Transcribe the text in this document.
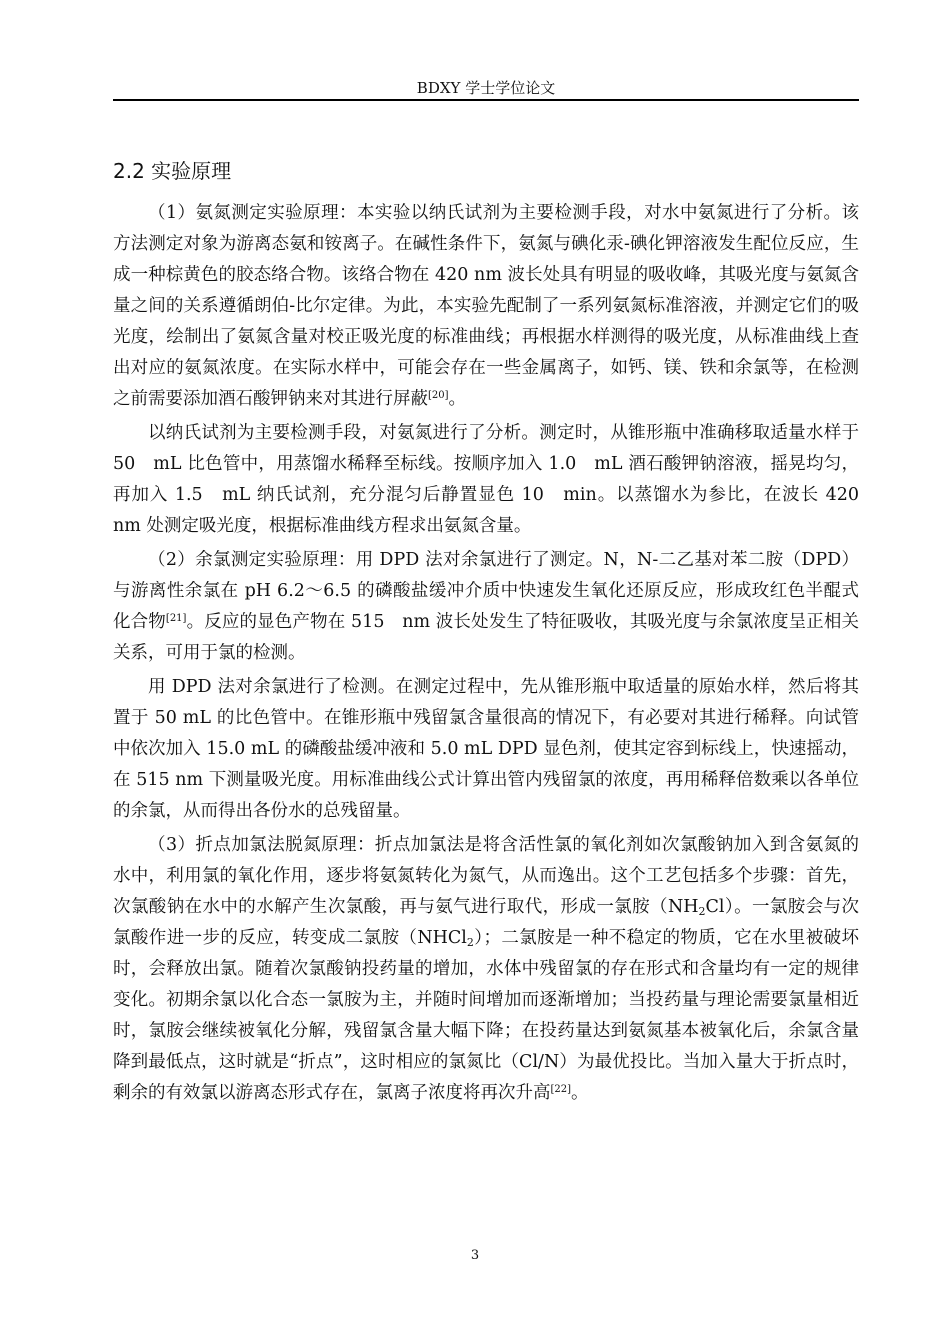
BDXY 学士学位论文
2.2 实验原理

（1）氨氮测定实验原理：本实验以纳氏试剂为主要检测手段，对水中氨氮进行了分析。该方法测定对象为游离态氨和铵离子。在碱性条件下，氨氮与碘化汞-碘化钾溶液发生配位反应，生成一种棕黄色的胶态络合物。该络合物在 420 nm 波长处具有明显的吸收峰，其吸光度与氨氮含量之间的关系遵循朗伯-比尔定律。为此，本实验先配制了一系列氨氮标准溶液，并测定它们的吸光度，绘制出了氨氮含量对校正吸光度的标准曲线；再根据水样测得的吸光度，从标准曲线上查出对应的氨氮浓度。在实际水样中，可能会存在一些金属离子，如钙、镁、铁和余氯等，在检测之前需要添加酒石酸钾钠来对其进行屏蔽[20]。

以纳氏试剂为主要检测手段，对氨氮进行了分析。测定时，从锥形瓶中准确移取适量水样于 50　mL 比色管中，用蒸馏水稀释至标线。按顺序加入 1.0　mL 酒石酸钾钠溶液，摇晃均匀，再加入 1.5　mL 纳氏试剂，充分混匀后静置显色 10　min。以蒸馏水为参比，在波长 420　nm 处测定吸光度，根据标准曲线方程求出氨氮含量。

（2）余氯测定实验原理：用 DPD 法对余氯进行了测定。N，N-二乙基对苯二胺（DPD）与游离性余氯在 pH 6.2～6.5 的磷酸盐缓冲介质中快速发生氧化还原反应，形成玫红色半醌式化合物[21]。反应的显色产物在 515　nm 波长处发生了特征吸收，其吸光度与余氯浓度呈正相关关系，可用于氯的检测。

用 DPD 法对余氯进行了检测。在测定过程中，先从锥形瓶中取适量的原始水样，然后将其置于 50 mL 的比色管中。在锥形瓶中残留氯含量很高的情况下，有必要对其进行稀释。向试管中依次加入 15.0 mL 的磷酸盐缓冲液和 5.0 mL DPD 显色剂，使其定容到标线上，快速摇动，在 515 nm 下测量吸光度。用标准曲线公式计算出管内残留氯的浓度，再用稀释倍数乘以各单位的余氯，从而得出各份水的总残留量。

（3）折点加氯法脱氮原理：折点加氯法是将含活性氯的氧化剂如次氯酸钠加入到含氨氮的水中，利用氯的氧化作用，逐步将氨氮转化为氮气，从而逸出。这个工艺包括多个步骤：首先，次氯酸钠在水中的水解产生次氯酸，再与氨气进行取代，形成一氯胺$(NH_2Cl)$。一氯胺会与次氯酸作进一步的反应，转变成二氯胺（NHCl$_2$）；二氯胺是一种不稳定的物质，它在水里被破坏时，会释放出氯。随着次氯酸钠投药量的增加，水体中残留氯的存在形式和含量均有一定的规律变化。初期余氯以化合态一氯胺为主，并随时间增加而逐渐增加；当投药量与理论需要氯量相近时，氯胺会继续被氧化分解，残留氯含量大幅下降；在投药量达到氨氮基本被氧化后，余氯含量降到最低点，这时就是“折点”，这时相应的氯氮比（Cl/N）为最优投比。当加入量大于折点时，剩余的有效氯以游离态形式存在，氯离子浓度将再次升高[22]。

3
